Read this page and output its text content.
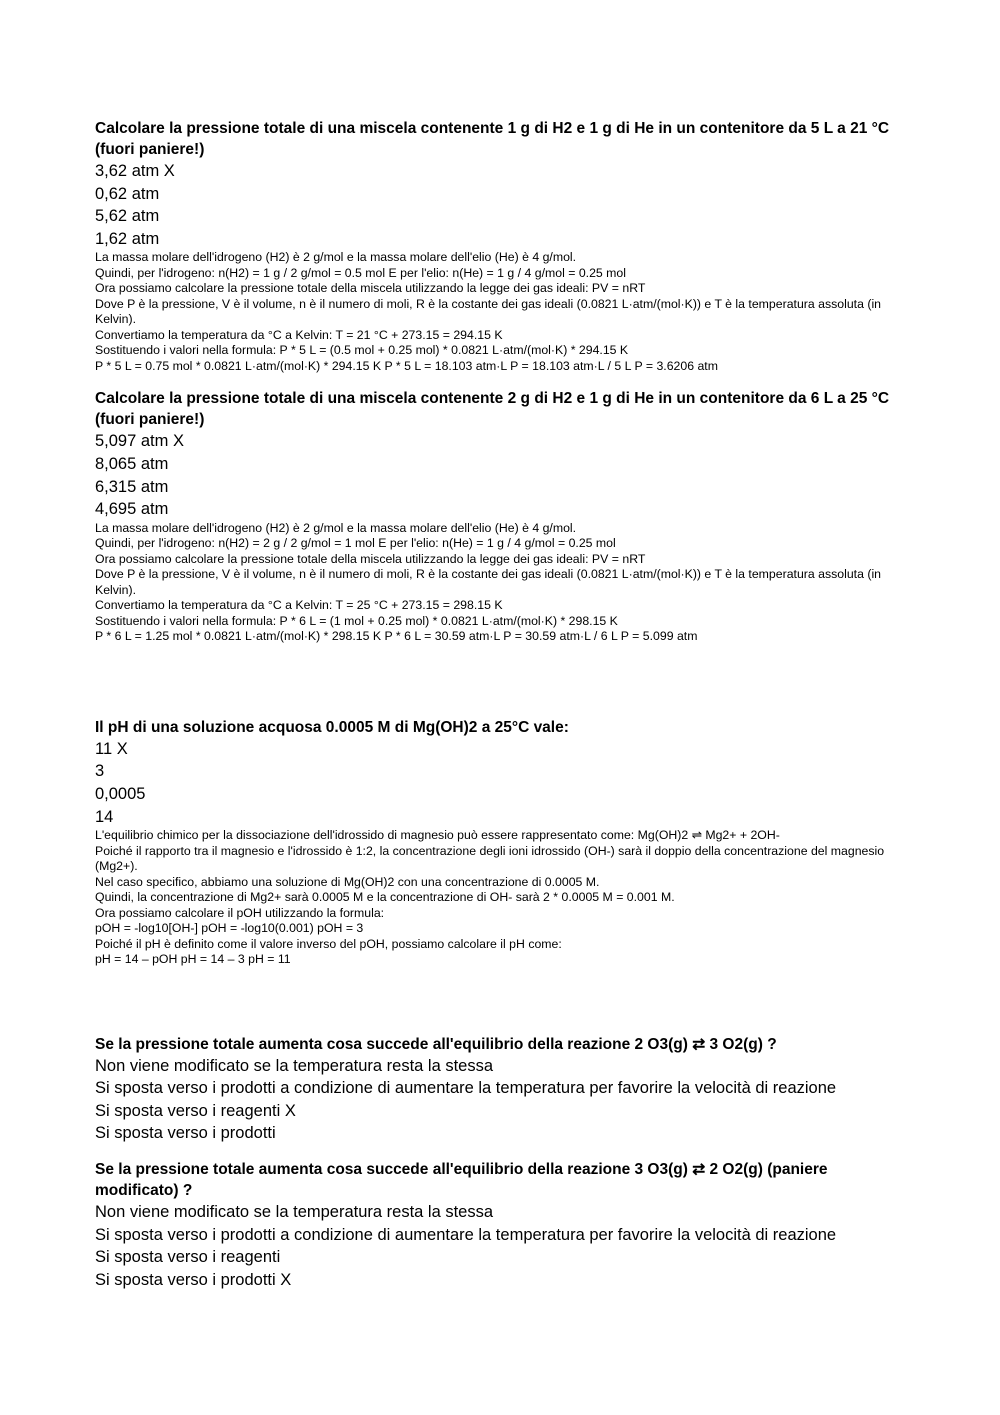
Calcolare la pressione totale di una miscela contenente 1 g di H2 e 1 g di He in un contenitore da 5 L a 21 °C (fuori paniere!)

3,62 atm X

0,62 atm

5,62 atm

1,62 atm

La massa molare dell'idrogeno (H2) è 2 g/mol e la massa molare dell'elio (He) è 4 g/mol.

Quindi, per l'idrogeno: n(H2) = 1 g / 2 g/mol = 0.5 mol E per l'elio: n(He) = 1 g / 4 g/mol = 0.25 mol

Ora possiamo calcolare la pressione totale della miscela utilizzando la legge dei gas ideali: PV = nRT

Dove P è la pressione, V è il volume, n è il numero di moli, R è la costante dei gas ideali (0.0821 L·atm/(mol·K)) e T è la temperatura assoluta (in Kelvin).

Convertiamo la temperatura da °C a Kelvin: T = 21 °C + 273.15 = 294.15 K

Sostituendo i valori nella formula: P * 5 L = (0.5 mol + 0.25 mol) * 0.0821 L·atm/(mol·K) * 294.15 K

P * 5 L = 0.75 mol * 0.0821 L·atm/(mol·K) * 294.15 K P * 5 L = 18.103 atm·L P = 18.103 atm·L / 5 L P = 3.6206 atm

Calcolare la pressione totale di una miscela contenente 2 g di H2 e 1 g di He in un contenitore da 6 L a 25 °C (fuori paniere!)

5,097 atm X

8,065 atm

6,315 atm

4,695 atm

La massa molare dell'idrogeno (H2) è 2 g/mol e la massa molare dell'elio (He) è 4 g/mol.

Quindi, per l'idrogeno: n(H2) = 2 g / 2 g/mol = 1 mol E per l'elio: n(He) = 1 g / 4 g/mol = 0.25 mol

Ora possiamo calcolare la pressione totale della miscela utilizzando la legge dei gas ideali: PV = nRT

Dove P è la pressione, V è il volume, n è il numero di moli, R è la costante dei gas ideali (0.0821 L·atm/(mol·K)) e T è la temperatura assoluta (in Kelvin).

Convertiamo la temperatura da °C a Kelvin: T = 25 °C + 273.15 = 298.15 K

Sostituendo i valori nella formula: P * 6 L = (1 mol + 0.25 mol) * 0.0821 L·atm/(mol·K) * 298.15 K

P * 6 L = 1.25 mol * 0.0821 L·atm/(mol·K) * 298.15 K P * 6 L = 30.59 atm·L P = 30.59 atm·L / 6 L P = 5.099 atm

Il pH di una soluzione acquosa 0.0005 M di Mg(OH)2 a 25°C vale:

11 X

3

0,0005

14

L'equilibrio chimico per la dissociazione dell'idrossido di magnesio può essere rappresentato come: Mg(OH)2 ⇌ Mg2+ + 2OH-

Poiché il rapporto tra il magnesio e l'idrossido è 1:2, la concentrazione degli ioni idrossido (OH-) sarà il doppio della concentrazione del magnesio (Mg2+).

Nel caso specifico, abbiamo una soluzione di Mg(OH)2 con una concentrazione di 0.0005 M.

Quindi, la concentrazione di Mg2+ sarà 0.0005 M e la concentrazione di OH- sarà 2 * 0.0005 M = 0.001 M.

Ora possiamo calcolare il pOH utilizzando la formula:

pOH = -log10[OH-] pOH = -log10(0.001) pOH = 3

Poiché il pH è definito come il valore inverso del pOH, possiamo calcolare il pH come:

pH = 14 – pOH pH = 14 – 3 pH = 11

Se la pressione totale aumenta cosa succede all'equilibrio della reazione 2 O3(g) ⇄ 3 O2(g) ?

Non viene modificato se la temperatura resta la stessa

Si sposta verso i prodotti a condizione di aumentare la temperatura per favorire la velocità di reazione

Si sposta verso i reagenti X

Si sposta verso i prodotti

Se la pressione totale aumenta cosa succede all'equilibrio della reazione 3 O3(g) ⇄ 2 O2(g) (paniere modificato) ?

Non viene modificato se la temperatura resta la stessa

Si sposta verso i prodotti a condizione di aumentare la temperatura per favorire la velocità di reazione

Si sposta verso i reagenti

Si sposta verso i prodotti X
